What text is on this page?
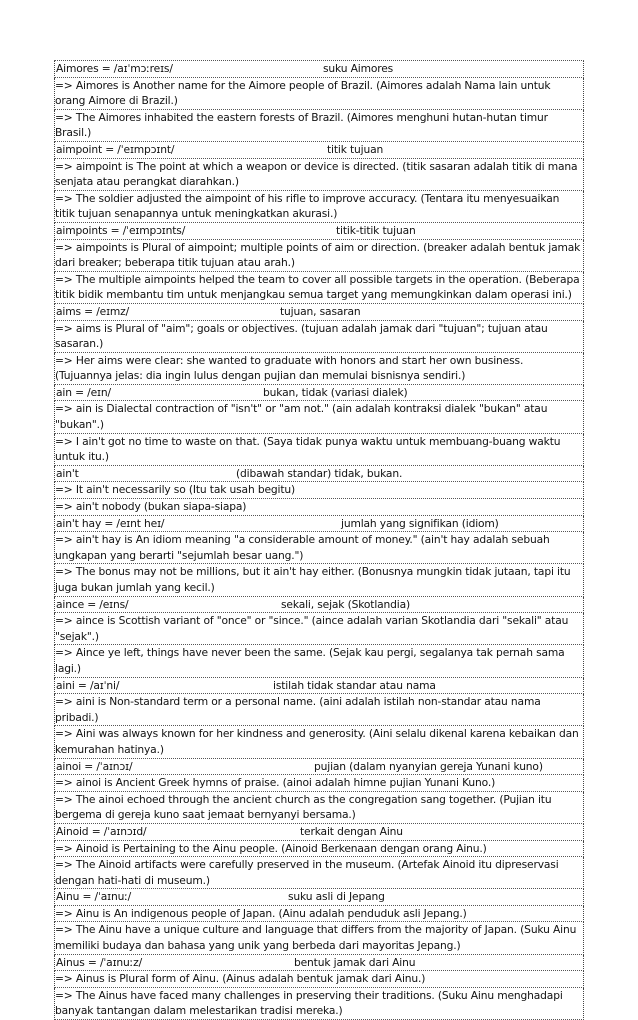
Aimores = /aɪˈmɔːreɪs/	suku Aimores
=> Aimores is Another name for the Aimore people of Brazil. (Aimores adalah Nama lain untuk orang Aimore di Brazil.)
=> The Aimores inhabited the eastern forests of Brazil. (Aimores menghuni hutan-hutan timur Brasil.)
aimpoint = /ˈeɪmpɔɪnt/	titik tujuan
=> aimpoint is The point at which a weapon or device is directed. (titik sasaran adalah titik di mana senjata atau perangkat diarahkan.)
=> The soldier adjusted the aimpoint of his rifle to improve accuracy. (Tentara itu menyesuaikan titik tujuan senapannya untuk meningkatkan akurasi.)
aimpoints = /ˈeɪmpɔɪnts/	titik-titik tujuan
=> aimpoints is Plural of aimpoint; multiple points of aim or direction. (breaker adalah bentuk jamak dari breaker; beberapa titik tujuan atau arah.)
=> The multiple aimpoints helped the team to cover all possible targets in the operation. (Beberapa titik bidik membantu tim untuk menjangkau semua target yang memungkinkan dalam operasi ini.)
aims = /eɪmz/	tujuan, sasaran
=> aims is Plural of "aim"; goals or objectives. (tujuan adalah jamak dari "tujuan"; tujuan atau sasaran.)
=> Her aims were clear: she wanted to graduate with honors and start her own business. (Tujuannya jelas: dia ingin lulus dengan pujian dan memulai bisnisnya sendiri.)
ain = /eɪn/	bukan, tidak (variasi dialek)
=> ain is Dialectal contraction of "isn't" or "am not." (ain adalah kontraksi dialek "bukan" atau "bukan".)
=> I ain't got no time to waste on that. (Saya tidak punya waktu untuk membuang-buang waktu untuk itu.)
ain't	(dibawah standar) tidak, bukan.
=> It ain't necessarily so (Itu tak usah begitu)
=> ain't nobody (bukan siapa-siapa)
ain't hay = /eɪnt heɪ/	jumlah yang signifikan (idiom)
=> ain't hay is An idiom meaning "a considerable amount of money." (ain't hay adalah sebuah ungkapan yang berarti "sejumlah besar uang.")
=> The bonus may not be millions, but it ain't hay either. (Bonusnya mungkin tidak jutaan, tapi itu juga bukan jumlah yang kecil.)
aince = /eɪns/	sekali, sejak (Skotlandia)
=> aince is Scottish variant of "once" or "since." (aince adalah varian Skotlandia dari "sekali" atau "sejak".)
=> Aince ye left, things have never been the same. (Sejak kau pergi, segalanya tak pernah sama lagi.)
aini = /aɪˈni/	istilah tidak standar atau nama
=> aini is Non-standard term or a personal name. (aini adalah istilah non-standar atau nama pribadi.)
=> Aini was always known for her kindness and generosity. (Aini selalu dikenal karena kebaikan dan kemurahan hatinya.)
ainoi = /ˈaɪnɔɪ/	pujian (dalam nyanyian gereja Yunani kuno)
=> ainoi is Ancient Greek hymns of praise. (ainoi adalah himne pujian Yunani Kuno.)
=> The ainoi echoed through the ancient church as the congregation sang together. (Pujian itu bergema di gereja kuno saat jemaat bernyanyi bersama.)
Ainoid = /ˈaɪnɔɪd/	terkait dengan Ainu
=> Ainoid is Pertaining to the Ainu people. (Ainoid Berkenaan dengan orang Ainu.)
=> The Ainoid artifacts were carefully preserved in the museum. (Artefak Ainoid itu dipreservasi dengan hati-hati di museum.)
Ainu = /ˈaɪnuː/	suku asli di Jepang
=> Ainu is An indigenous people of Japan. (Ainu adalah penduduk asli Jepang.)
=> The Ainu have a unique culture and language that differs from the majority of Japan. (Suku Ainu memiliki budaya dan bahasa yang unik yang berbeda dari mayoritas Jepang.)
Ainus = /ˈaɪnuːz/	bentuk jamak dari Ainu
=> Ainus is Plural form of Ainu. (Ainus adalah bentuk jamak dari Ainu.)
=> The Ainus have faced many challenges in preserving their traditions. (Suku Ainu menghadapi banyak tantangan dalam melestarikan tradisi mereka.)
